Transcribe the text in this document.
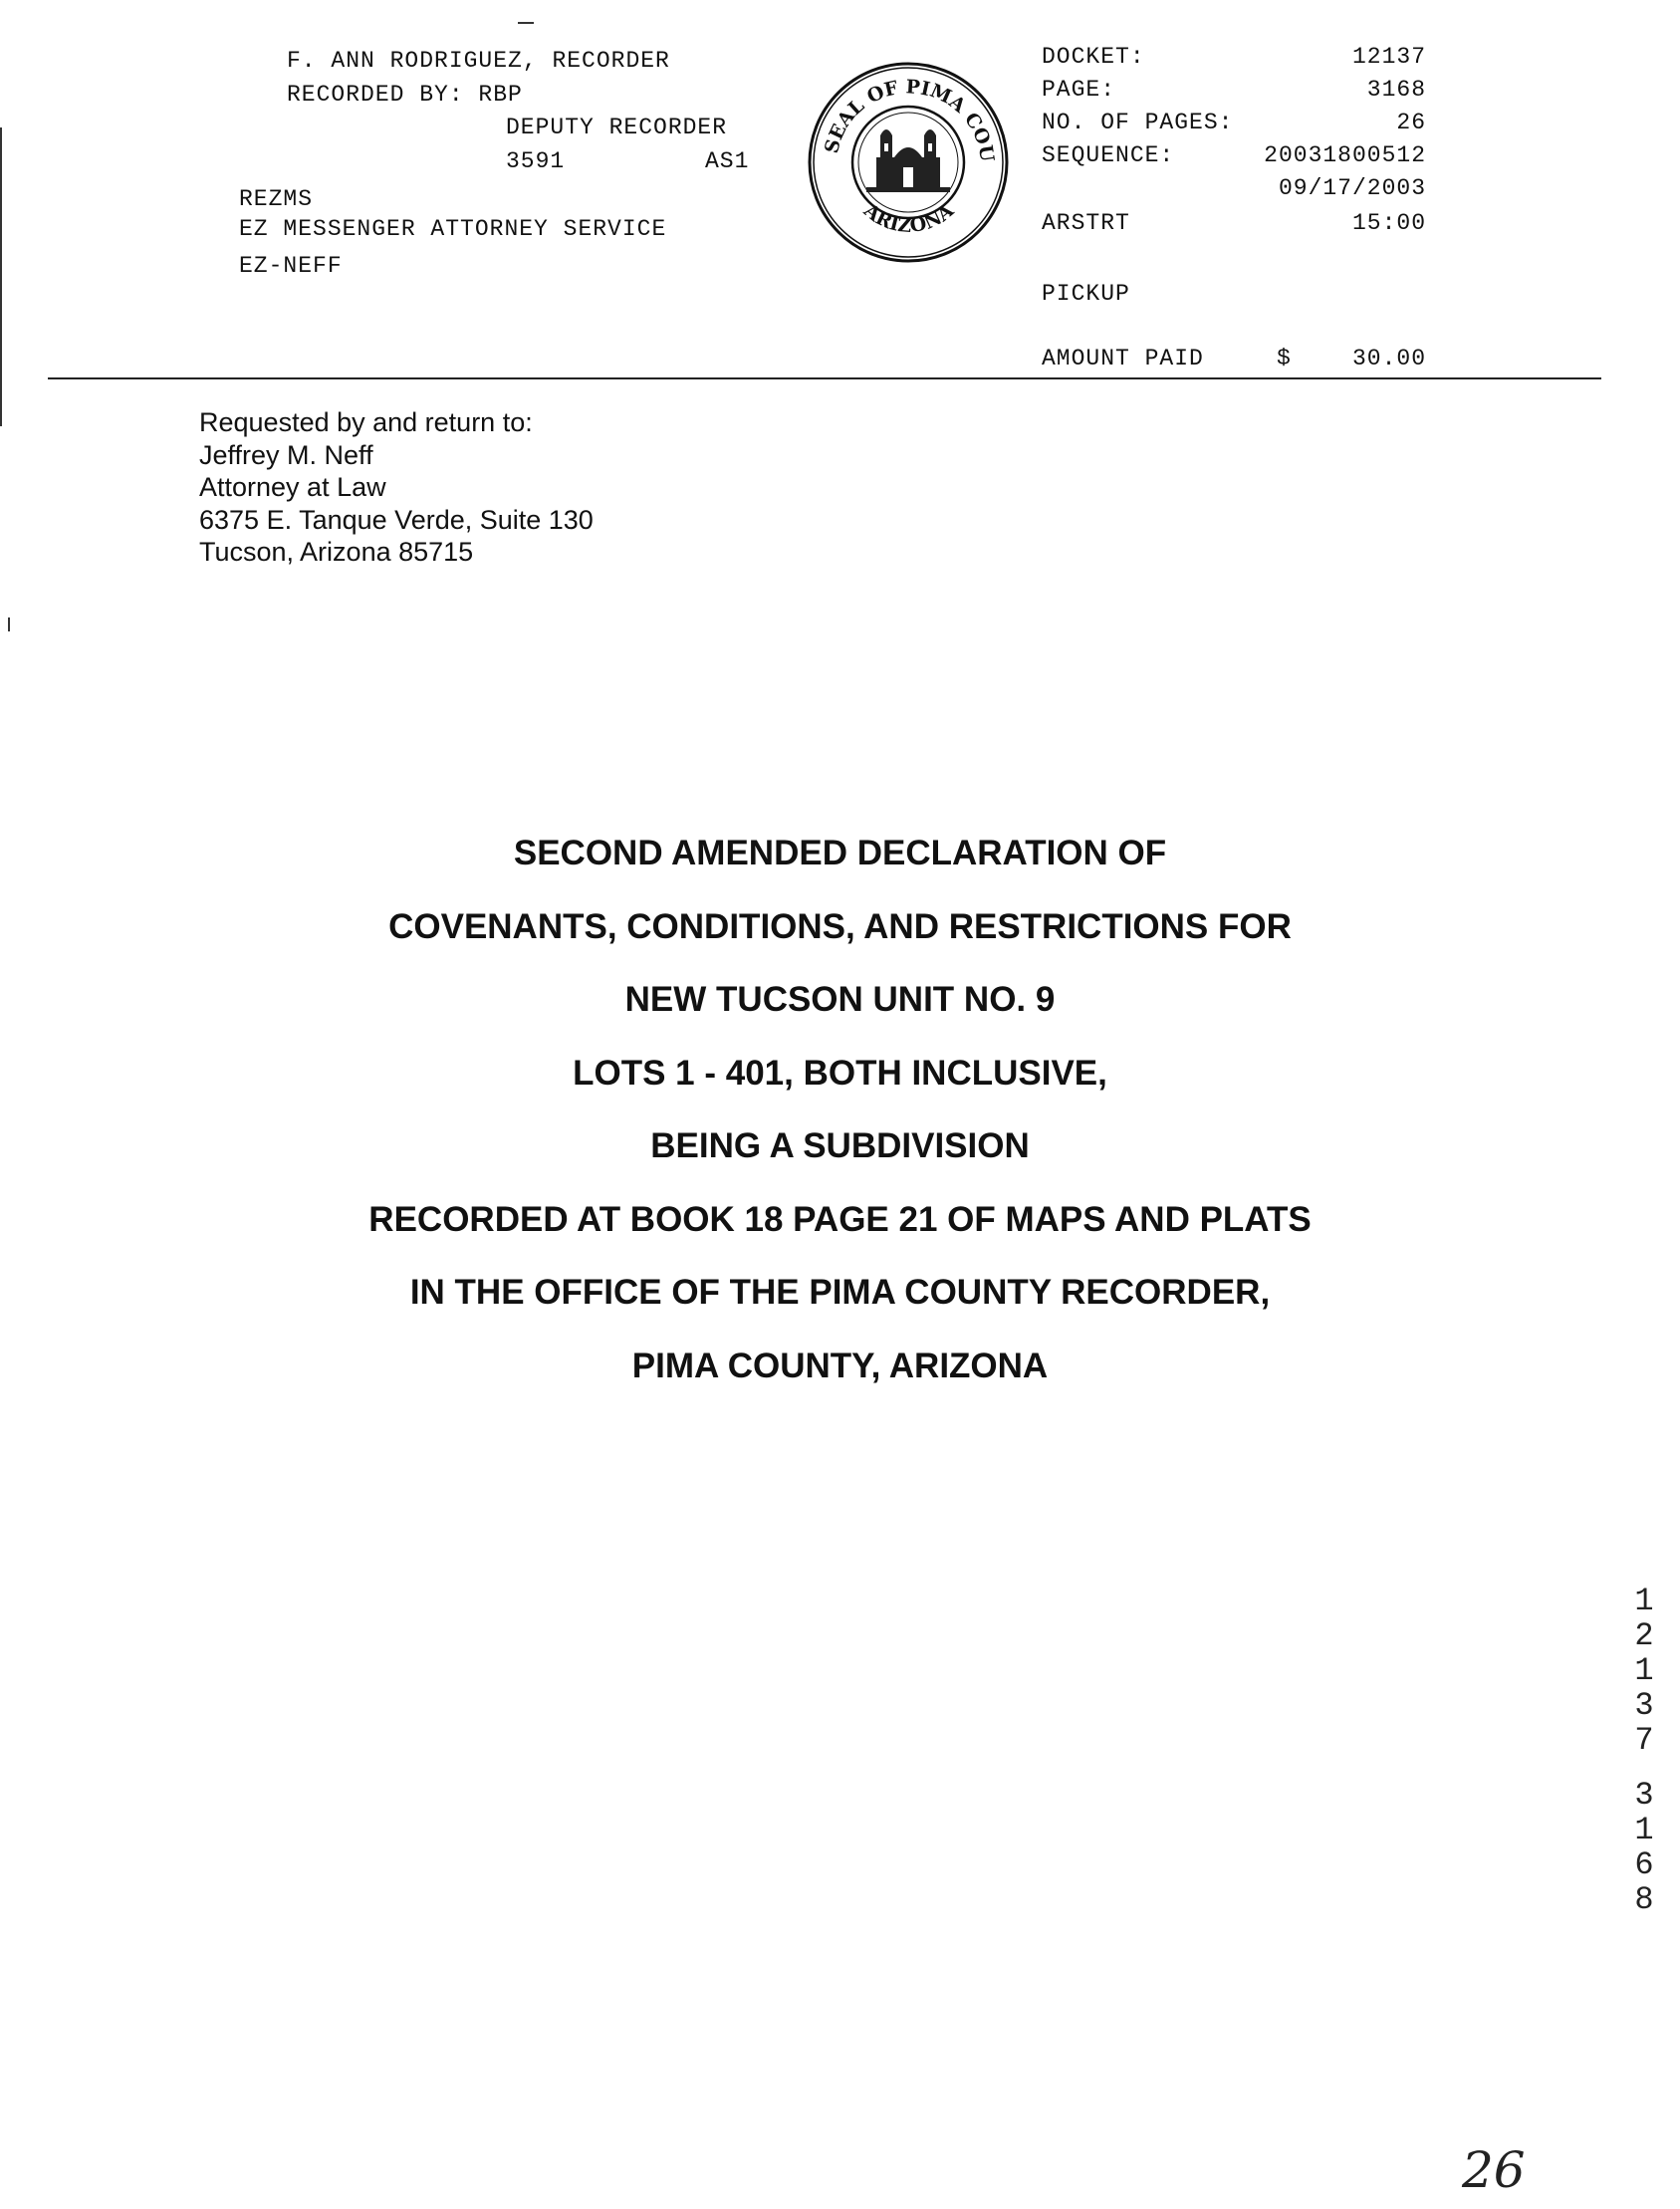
F. ANN RODRIGUEZ, RECORDER
RECORDED BY: RBP
DEPUTY RECORDER
3591	AS1
REZMS
EZ MESSENGER ATTORNEY SERVICE
EZ-NEFF
SEAL OF PIMA COU
ARIZONA
DOCKET:	12137
PAGE:	3168
NO. OF PAGES:	26
SEQUENCE:	20031800512
09/17/2003
ARSTRT	15:00
PICKUP
AMOUNT PAID	$	30.00
Requested by and return to:
Jeffrey M. Neff
Attorney at Law
6375 E. Tanque Verde, Suite 130
Tucson, Arizona 85715
SECOND AMENDED DECLARATION OF
COVENANTS, CONDITIONS, AND RESTRICTIONS FOR
NEW TUCSON UNIT NO. 9
LOTS 1 - 401, BOTH INCLUSIVE,
BEING A SUBDIVISION
RECORDED AT BOOK 18 PAGE 21 OF MAPS AND PLATS
IN THE OFFICE OF THE PIMA COUNTY RECORDER,
PIMA COUNTY, ARIZONA
1
2
1
3
7
3
1
6
8
26
